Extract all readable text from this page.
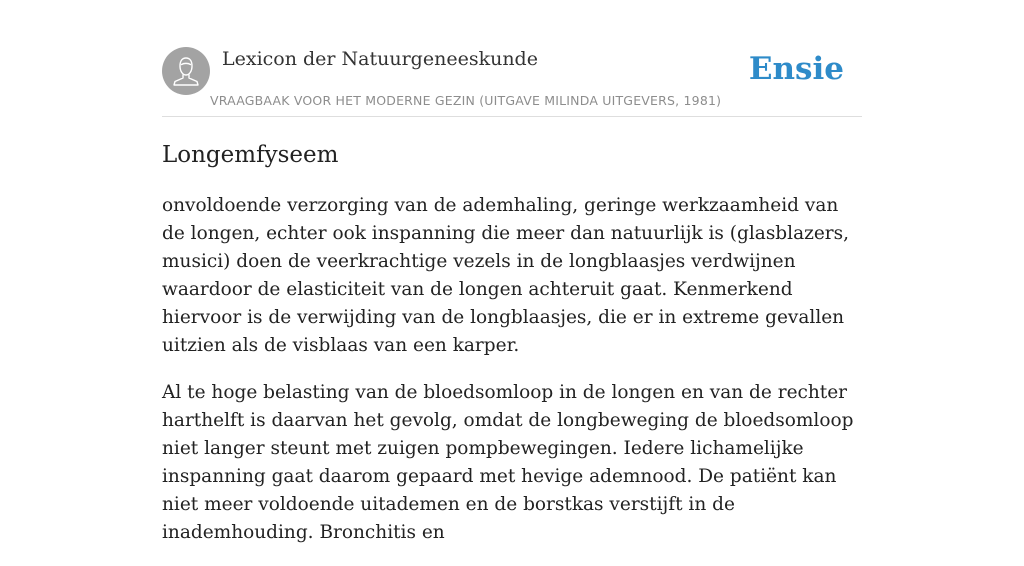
Lexicon der Natuurgeneeskunde
VRAAGBAAK VOOR HET MODERNE GEZIN (UITGAVE MILINDA UITGEVERS, 1981)
Ensie
Longemfyseem

onvoldoende verzorging van de ademhaling, geringe werkzaamheid van de longen, echter ook inspanning die meer dan natuurlijk is (glasblazers, musici) doen de veerkrachtige vezels in de longblaasjes verdwijnen waardoor de elasticiteit van de longen achteruit gaat. Kenmerkend hiervoor is de verwijding van de longblaasjes, die er in extreme gevallen uitzien als de visblaas van een karper.

Al te hoge belasting van de bloedsomloop in de longen en van de rechter harthelft is daarvan het gevolg, omdat de longbeweging de bloedsomloop niet langer steunt met zuigen pompbewegingen. Iedere lichamelijke inspanning gaat daarom gepaard met hevige ademnood. De patiënt kan niet meer voldoende uitademen en de borstkas verstijft in de inademhouding. Bronchitis en
